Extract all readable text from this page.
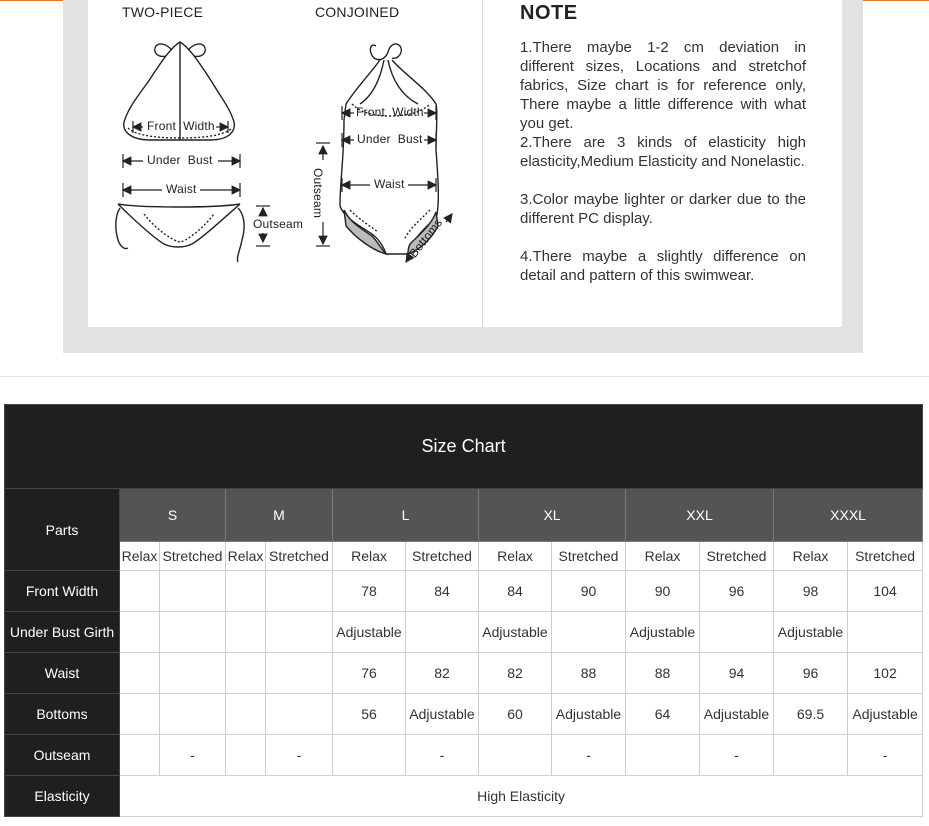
TWO-PIECE	CONJOINED
Front  Width
Under  Bust
Waist
Outseam
Front  Width
Under  Bust
Waist
Outseam
Bottoms
NOTE

1.There maybe 1-2 cm deviation in different sizes, Locations and stretchof fabrics, Size chart is for reference only, There maybe a little difference with what you get.

2.There are 3 kinds of elasticity high elasticity,Medium Elasticity and Nonelastic.

3.Color maybe lighter or darker due to the different PC display.

4.There maybe a slightly difference on detail and pattern of this swimwear.

Size Chart												
Parts	S		M		L		XL		XXL		XXXL	
	Relax	Stretched	Relax	Stretched	Relax	Stretched	Relax	Stretched	Relax	Stretched	Relax	Stretched
Front Width					78	84	84	90	90	96	98	104
Under Bust Girth					Adjustable		Adjustable		Adjustable		Adjustable	
Waist					76	82	82	88	88	94	96	102
Bottoms					56	Adjustable	60	Adjustable	64	Adjustable	69.5	Adjustable
Outseam		-		-		-		-		-		-
Elasticity	High Elasticity											
